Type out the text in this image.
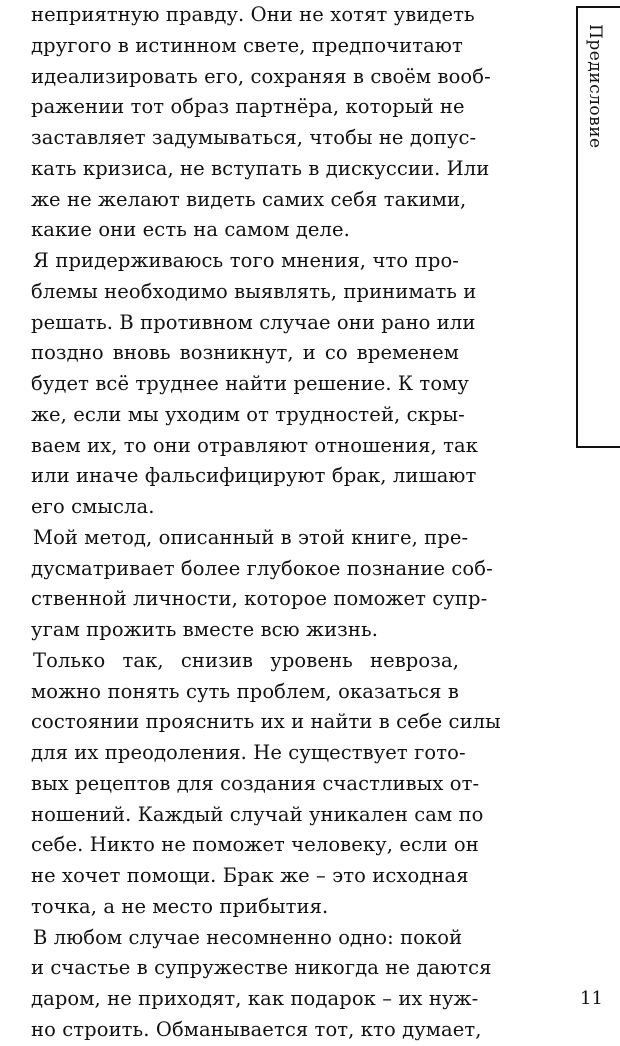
неприятную правду. Они не хотят увидеть
другого в истинном свете, предпочитают
идеализировать его, сохраняя в своём вооб-
ражении тот образ партнёра, который не
заставляет задумываться, чтобы не допус-
кать кризиса, не вступать в дискуссии. Или
же не желают видеть самих себя такими,
какие они есть на самом деле.
Я придерживаюсь того мнения, что про-
блемы необходимо выявлять, принимать и
решать. В противном случае они рано или
поздно вновь возникнут, и со временем
будет всё труднее найти решение. К тому
же, если мы уходим от трудностей, скры-
ваем их, то они отравляют отношения, так
или иначе фальсифицируют брак, лишают
его смысла.
Мой метод, описанный в этой книге, пре-
дусматривает более глубокое познание соб-
ственной личности, которое поможет супр-
угам прожить вместе всю жизнь.
Только так, снизив уровень невроза,
можно понять суть проблем, оказаться в
состоянии прояснить их и найти в себе силы
для их преодоления. Не существует гото-
вых рецептов для создания счастливых от-
ношений. Каждый случай уникален сам по
себе. Никто не поможет человеку, если он
не хочет помощи. Брак же – это исходная
точка, а не место прибытия.
В любом случае несомненно одно: покой
и счастье в супружестве никогда не даются
даром, не приходят, как подарок – их нуж-
но строить. Обманывается тот, кто думает,
Предисловие
11
